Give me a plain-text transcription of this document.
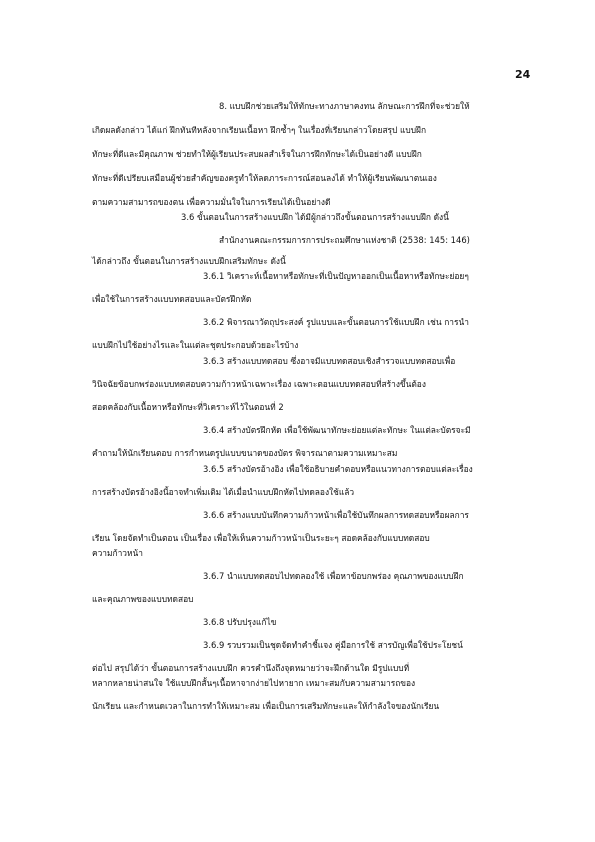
24
8. แบบฝึกช่วยเสริมให้ทักษะทางภาษาคงทน ลักษณะการฝึกที่จะช่วยให้
เกิดผลดังกล่าว ได้แก่ ฝึกทันทีหลังจากเรียนเนื้อหา ฝึกซ้ำๆ ในเรื่องที่เรียนกล่าวโดยสรุป แบบฝึก
ทักษะที่ดีและมีคุณภาพ ช่วยทำให้ผู้เรียนประสบผลสำเร็จในการฝึกทักษะได้เป็นอย่างดี แบบฝึก
ทักษะที่ดีเปรียบเสมือนผู้ช่วยสำคัญของครูทำให้ลดภาระการณ์สอนลงได้ ทำให้ผู้เรียนพัฒนาตนเอง
ตามความสามารถของตน เพื่อความมั่นใจในการเรียนได้เป็นอย่างดี
3.6 ขั้นตอนในการสร้างแบบฝึก ได้มีผู้กล่าวถึงขั้นตอนการสร้างแบบฝึก ดังนี้
สำนักงานคณะกรรมการการประถมศึกษาแห่งชาติ (2538: 145: 146)
ได้กล่าวถึง ขั้นตอนในการสร้างแบบฝึกเสริมทักษะ ดังนี้
3.6.1 วิเคราะห์เนื้อหาหรือทักษะที่เป็นปัญหาออกเป็นเนื้อหาหรือทักษะย่อยๆ
เพื่อใช้ในการสร้างแบบทดสอบและบัตรฝึกหัด
3.6.2 พิจารณาวัตถุประสงค์ รูปแบบและขั้นตอนการใช้แบบฝึก เช่น การนำ
แบบฝึกไปใช้อย่างไรและในแต่ละชุดประกอบด้วยอะไรบ้าง
3.6.3 สร้างแบบทดสอบ ซึ่งอาจมีแบบทดสอบเชิงสำรวจแบบทดสอบเพื่อ
วินิจฉัยข้อบกพร่องแบบทดสอบความก้าวหน้าเฉพาะเรื่อง เฉพาะตอนแบบทดสอบที่สร้างขึ้นต้อง
สอดคล้องกับเนื้อหาหรือทักษะที่วิเคราะห์ไว้ในตอนที่ 2
3.6.4 สร้างบัตรฝึกหัด เพื่อใช้พัฒนาทักษะย่อยแต่ละทักษะ ในแต่ละบัตรจะมี
คำถามให้นักเรียนตอบ การกำหนดรูปแบบขนาดของบัตร พิจารณาตามความเหมาะสม
3.6.5 สร้างบัตรอ้างอิง เพื่อใช้อธิบายคำตอบหรือแนวทางการตอบแต่ละเรื่อง
การสร้างบัตรอ้างอิงนี้อาจทำเพิ่มเติม ได้เมื่อนำแบบฝึกหัดไปทดลองใช้แล้ว
3.6.6 สร้างแบบบันทึกความก้าวหน้าเพื่อใช้บันทึกผลการทดสอบหรือผลการ
เรียน โดยจัดทำเป็นตอน เป็นเรื่อง เพื่อให้เห็นความก้าวหน้าเป็นระยะๆ สอดคล้องกับแบบทดสอบ
ความก้าวหน้า
3.6.7 นำแบบทดสอบไปทดลองใช้ เพื่อหาข้อบกพร่อง คุณภาพของแบบฝึก
และคุณภาพของแบบทดสอบ
3.6.8 ปรับปรุงแก้ไข
3.6.9 รวบรวมเป็นชุดจัดทำคำชี้แจง คู่มือการใช้ สารบัญเพื่อใช้ประโยชน์
ต่อไป สรุปได้ว่า ขั้นตอนการสร้างแบบฝึก ควรคำนึงถึงจุดหมายว่าจะฝึกด้านใด มีรูปแบบที่
หลากหลายน่าสนใจ ใช้แบบฝึกสั้นๆเนื้อหาจากง่ายไปหายาก เหมาะสมกับความสามารถของ
นักเรียน และกำหนดเวลาในการทำให้เหมาะสม เพื่อเป็นการเสริมทักษะและให้กำลังใจของนักเรียน
